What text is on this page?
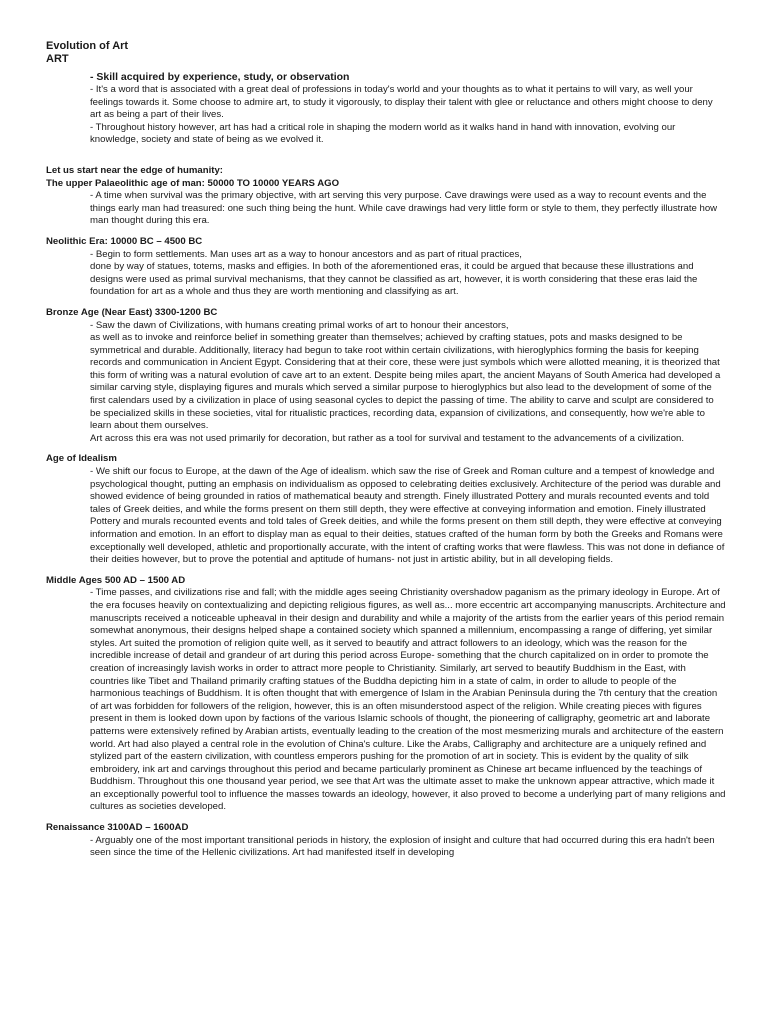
Evolution of Art
ART
- Skill acquired by experience, study, or observation

- It's a word that is associated with a great deal of professions in today's world and your thoughts as to what it pertains to will vary, as well your feelings towards it. Some choose to admire art, to study it vigorously, to display their talent with glee or reluctance and others might choose to deny art as being a part of their lives.

- Throughout history however, art has had a critical role in shaping the modern world as it walks hand in hand with innovation, evolving our knowledge, society and state of being as we evolved it.

Let us start near the edge of humanity:
The upper Palaeolithic age of man: 50000 TO 10000 YEARS AGO

- A time when survival was the primary objective, with art serving this very purpose. Cave drawings were used as a way to recount events and the things early man had treasured: one such thing being the hunt. While cave drawings had very little form or style to them, they perfectly illustrate how man thought during this era.

Neolithic Era: 10000 BC – 4500 BC

- Begin to form settlements. Man uses art as a way to honour ancestors and as part of ritual practices,

done by way of statues, totems, masks and effigies. In both of the aforementioned eras, it could be argued that because these illustrations and designs were used as primal survival mechanisms, that they cannot be classified as art, however, it is worth considering that these eras laid the foundation for art as a whole and thus they are worth mentioning and classifying as art.

Bronze Age (Near East) 3300-1200 BC

- Saw the dawn of Civilizations, with humans creating primal works of art to honour their ancestors,

as well as to invoke and reinforce belief in something greater than themselves; achieved by crafting statues, pots and masks designed to be symmetrical and durable. Additionally, literacy had begun to take root within certain civilizations, with hieroglyphics forming the basis for keeping records and communication in Ancient Egypt. Considering that at their core, these were just symbols which were allotted meaning, it is theorized that this form of writing was a natural evolution of cave art to an extent. Despite being miles apart, the ancient Mayans of South America had developed a similar carving style, displaying figures and murals which served a similar purpose to hieroglyphics but also lead to the development of some of the first calendars used by a civilization in place of using seasonal cycles to depict the passing of time. The ability to carve and sculpt are considered to be specialized skills in these societies, vital for ritualistic practices, recording data, expansion of civilizations, and consequently, how we're able to learn about them ourselves.

Art across this era was not used primarily for decoration, but rather as a tool for survival and testament to the advancements of a civilization.

Age of Idealism

- We shift our focus to Europe, at the dawn of the Age of idealism. which saw the rise of Greek and Roman culture and a tempest of knowledge and psychological thought, putting an emphasis on individualism as opposed to celebrating deities exclusively. Architecture of the period was durable and showed evidence of being grounded in ratios of mathematical beauty and strength. Finely illustrated Pottery and murals recounted events and told tales of Greek deities, and while the forms present on them still depth, they were effective at conveying information and emotion. Finely illustrated Pottery and murals recounted events and told tales of Greek deities, and while the forms present on them still depth, they were effective at conveying information and emotion. In an effort to display man as equal to their deities, statues crafted of the human form by both the Greeks and Romans were exceptionally well developed, athletic and proportionally accurate, with the intent of crafting works that were flawless. This was not done in defiance of their deities however, but to prove the potential and aptitude of humans- not just in artistic ability, but in all developing fields.

Middle Ages 500 AD – 1500 AD

- Time passes, and civilizations rise and fall; with the middle ages seeing Christianity overshadow paganism as the primary ideology in Europe. Art of the era focuses heavily on contextualizing and depicting religious figures, as well as... more eccentric art accompanying manuscripts. Architecture and manuscripts received a noticeable upheaval in their design and durability and while a majority of the artists from the earlier years of this period remain somewhat anonymous, their designs helped shape a contained society which spanned a millennium, encompassing a range of differing, yet similar styles. Art suited the promotion of religion quite well, as it served to beautify and attract followers to an ideology, which was the reason for the incredible increase of detail and grandeur of art during this period across Europe- something that the church capitalized on in order to promote the creation of increasingly lavish works in order to attract more people to Christianity. Similarly, art served to beautify Buddhism in the East, with countries like Tibet and Thailand primarily crafting statues of the Buddha depicting him in a state of calm, in order to allude to people of the harmonious teachings of Buddhism. It is often thought that with emergence of Islam in the Arabian Peninsula during the 7th century that the creation of art was forbidden for followers of the religion, however, this is an often misunderstood aspect of the religion. While creating pieces with figures present in them is looked down upon by factions of the various Islamic schools of thought, the pioneering of calligraphy, geometric art and laborate patterns were extensively refined by Arabian artists, eventually leading to the creation of the most mesmerizing murals and architecture of the eastern world. Art had also played a central role in the evolution of China's culture. Like the Arabs, Calligraphy and architecture are a uniquely refined and stylized part of the eastern civilization, with countless emperors pushing for the promotion of art in society. This is evident by the quality of silk embroidery, ink art and carvings throughout this period and became particularly prominent as Chinese art became influenced by the teachings of Buddhism. Throughout this one thousand year period, we see that Art was the ultimate asset to make the unknown appear attractive, which made it an exceptionally powerful tool to influence the masses towards an ideology, however, it also proved to become a underlying part of many religions and cultures as societies developed.

Renaissance 3100AD – 1600AD

- Arguably one of the most important transitional periods in history, the explosion of insight and culture that had occurred during this era hadn't been seen since the time of the Hellenic civilizations. Art had manifested itself in developing
